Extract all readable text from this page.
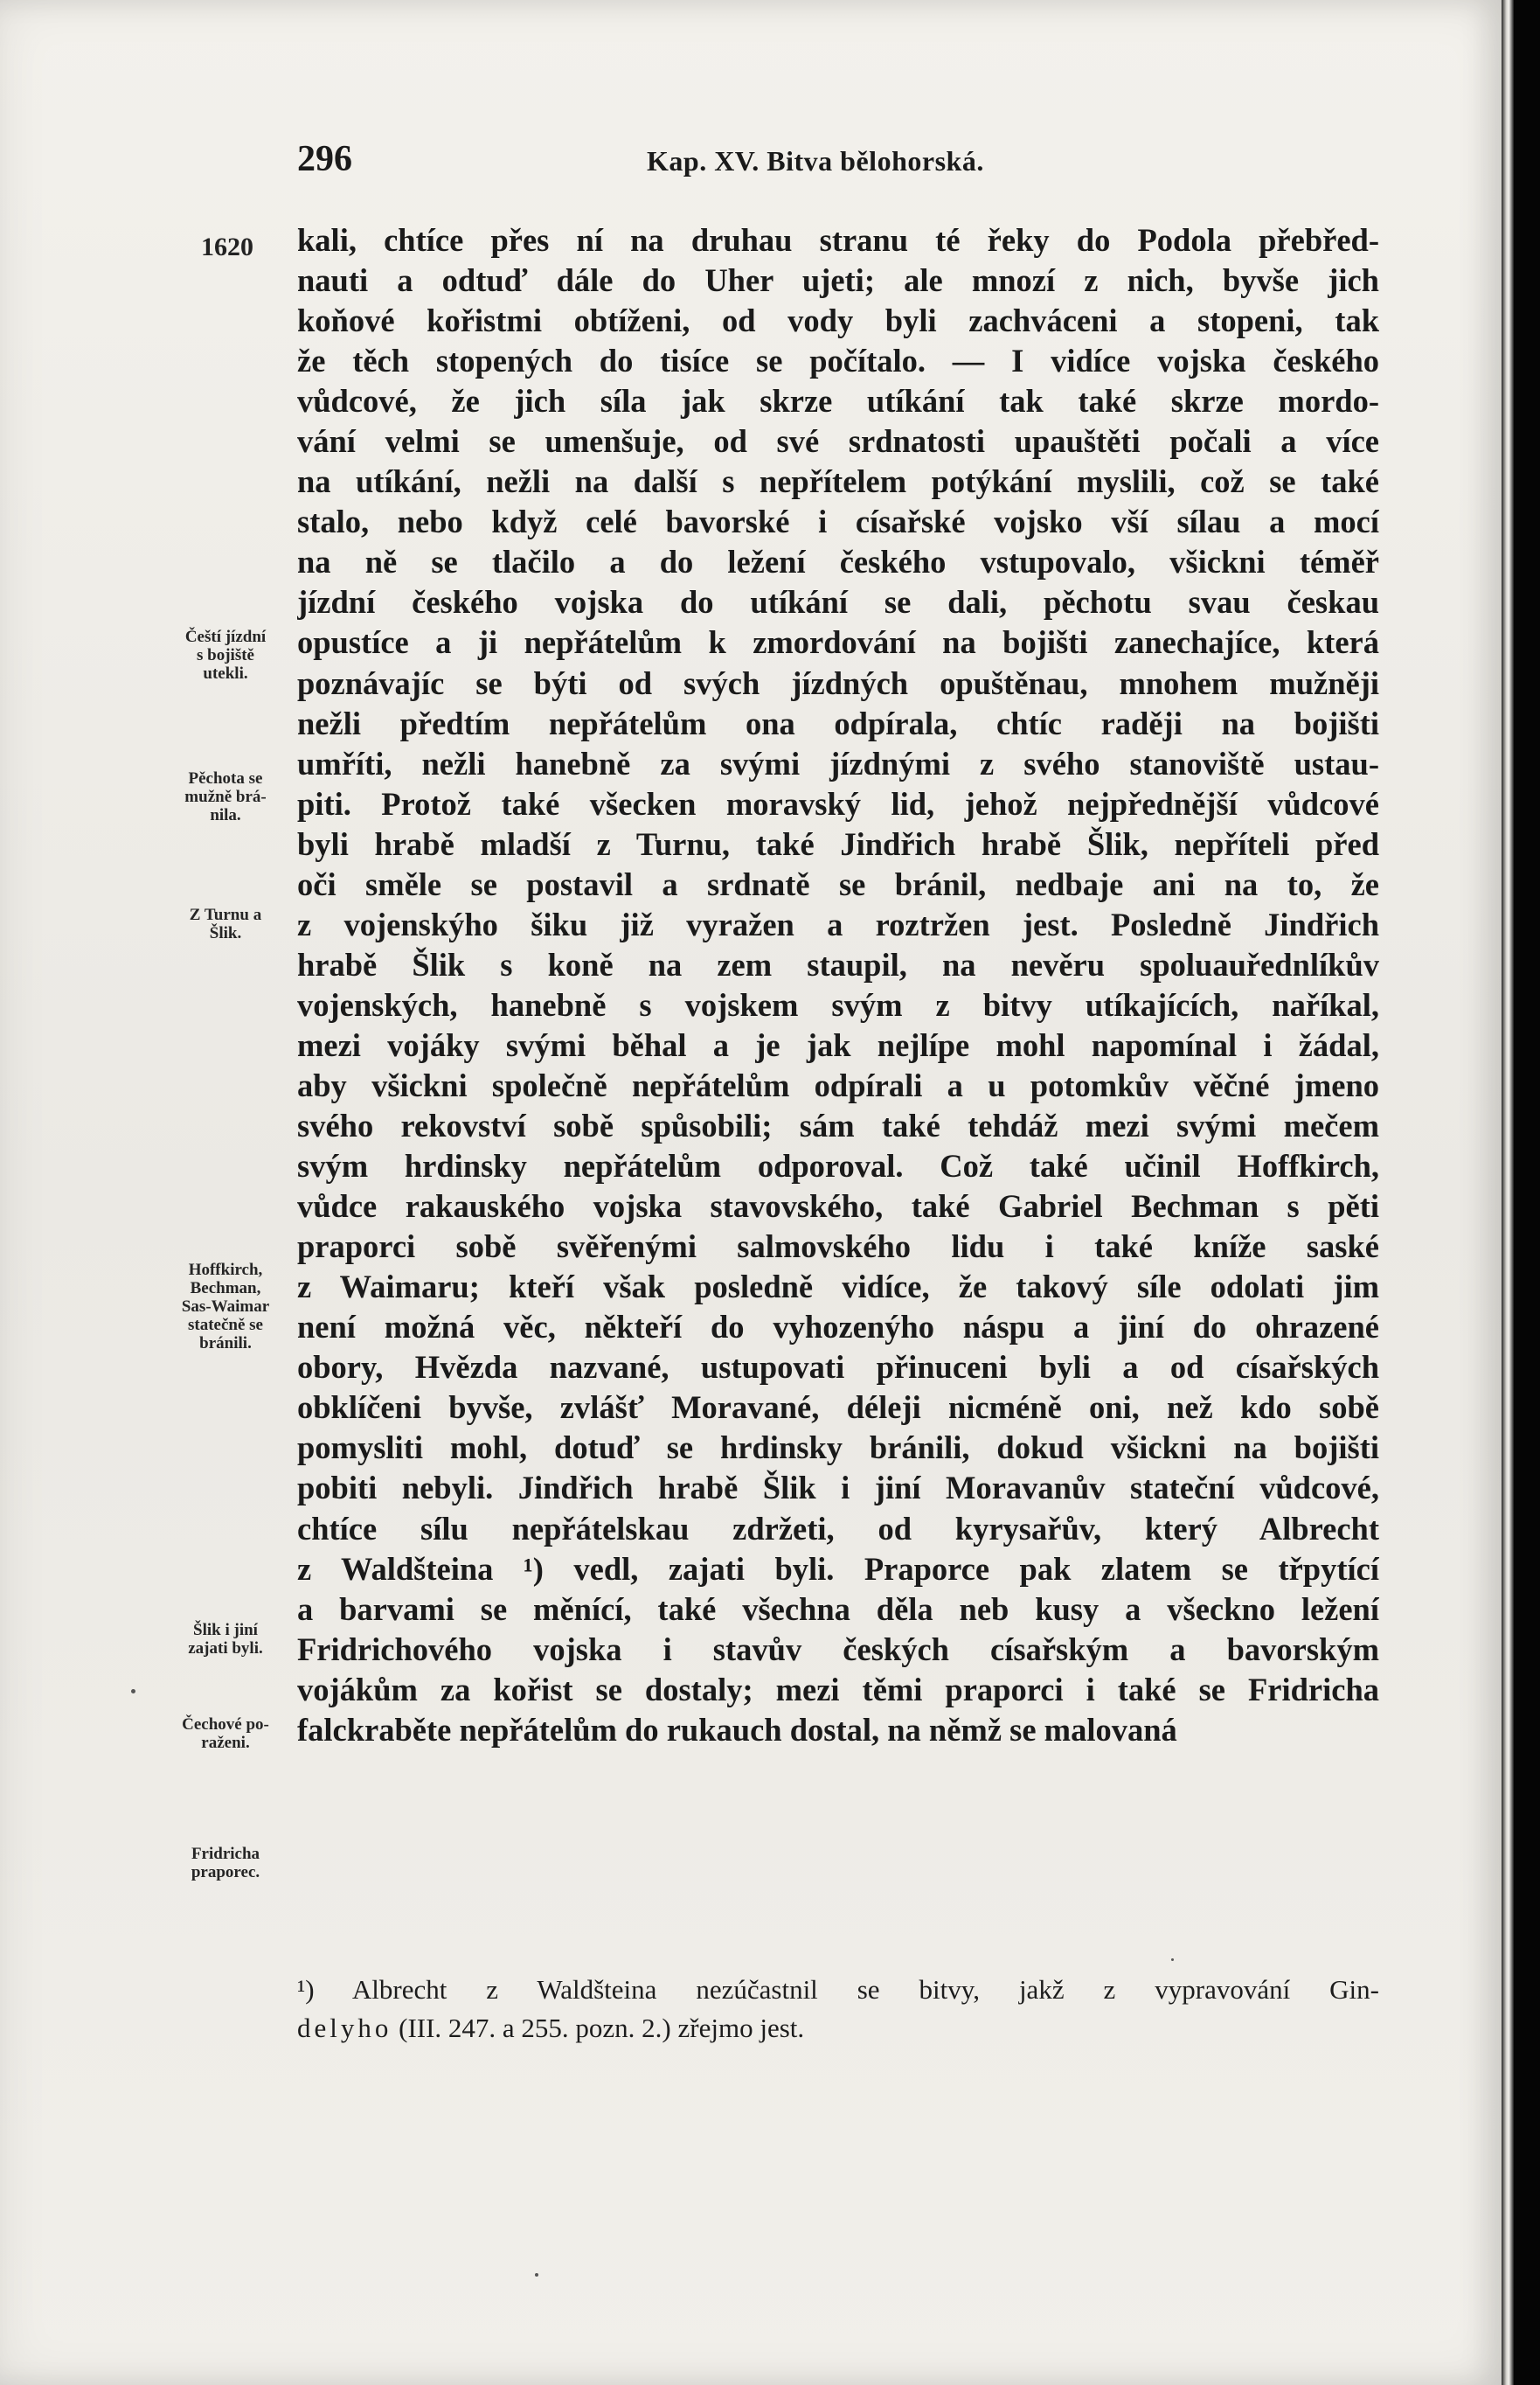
296	Kap. XV. Bitva bělohorská.
1620 kali, chtíce přes ní na druhau stranu té řeky do Podola přebřed-
nauti a odtuď dále do Uher ujeti; ale mnozí z nich, byvše jich
koňové kořistmi obtíženi, od vody byli zachváceni a stopeni, tak
že těch stopených do tisíce se počítalo. — I vidíce vojska českého
vůdcové, že jich síla jak skrze utíkání tak také skrze mordo-
vání velmi se umenšuje, od své srdnatosti upauštěti počali a více
na utíkání, nežli na další s nepřítelem potýkání myslili, což se také
stalo, nebo když celé bavorské i císařské vojsko vší sílau a mocí
na ně se tlačilo a do ležení českého vstupovalo, všickni téměř
jízdní českého vojska do utíkání se dali, pěchotu svau českau
opustíce a ji nepřátelům k zmordování na bojišti zanechajíce, která
poznávajíc se býti od svých jízdných opuštěnau, mnohem mužněji
nežli předtím nepřátelům ona odpírala, chtíc raději na bojišti
umříti, nežli hanebně za svými jízdnými z svého stanoviště ustau-
piti. Protož také všecken moravský lid, jehož nejpřednější vůdcové
byli hrabě mladší z Turnu, také Jindřich hrabě Šlik, nepříteli před
oči směle se postavil a srdnatě se bránil, nedbaje ani na to, že
z vojenskýho šiku již vyražen a roztržen jest. Posledně Jindřich
hrabě Šlik s koně na zem staupil, na nevěru spoluauřednlíkův
vojenských, hanebně s vojskem svým z bitvy utíkajících, naříkal,
mezi vojáky svými běhal a je jak nejlípe mohl napomínal i žádal,
aby všickni společně nepřátelům odpírali a u potomkův věčné jmeno
svého rekovství sobě spůsobili; sám také tehdáž mezi svými mečem
svým hrdinsky nepřátelům odporoval. Což také učinil Hoffkirch,
vůdce rakauského vojska stavovského, také Gabriel Bechman s pěti
praporci sobě svěřenými salmovského lidu i také kníže saské
z Waimaru; kteří však posledně vidíce, že takový síle odolati jim
není možná věc, někteří do vyhozenýho náspu a jiní do ohrazené
obory, Hvězda nazvané, ustupovati přinuceni byli a od císařských
obklíčeni byvše, zvlášť Moravané, déleji nicméně oni, než kdo sobě
pomysliti mohl, dotuď se hrdinsky bránili, dokud všickni na bojišti
pobiti nebyli. Jindřich hrabě Šlik i jiní Moravanův stateční vůdcové,
chtíce sílu nepřátelskau zdržeti, od kyrysařův, který Albrecht
z Waldšteina ¹) vedl, zajati byli. Praporce pak zlatem se třpytící
a barvami se měnící, také všechna děla neb kusy a všeckno ležení
Fridrichového vojska i stavův českých císařským a bavorským
vojákům za kořist se dostaly; mezi těmi praporci i také se Fridricha
falckraběte nepřátelům do rukauch dostal, na němž se malovaná
Čeští jízdní
s bojiště
utekli.
Pěchota se
mužně brá-
nila.
Z Turnu a
Šlik.
Hoffkirch,
Bechman,
Sas-Waimar
statečně se
bránili.
Šlik i jiní
zajati byli.
Čechové po-
raženi.
Fridricha
praporec.
¹) Albrecht z Waldšteina nezúčastnil se bitvy, jakž z vypravování Gin-
delyho (III. 247. a 255. pozn. 2.) zřejmo jest.
